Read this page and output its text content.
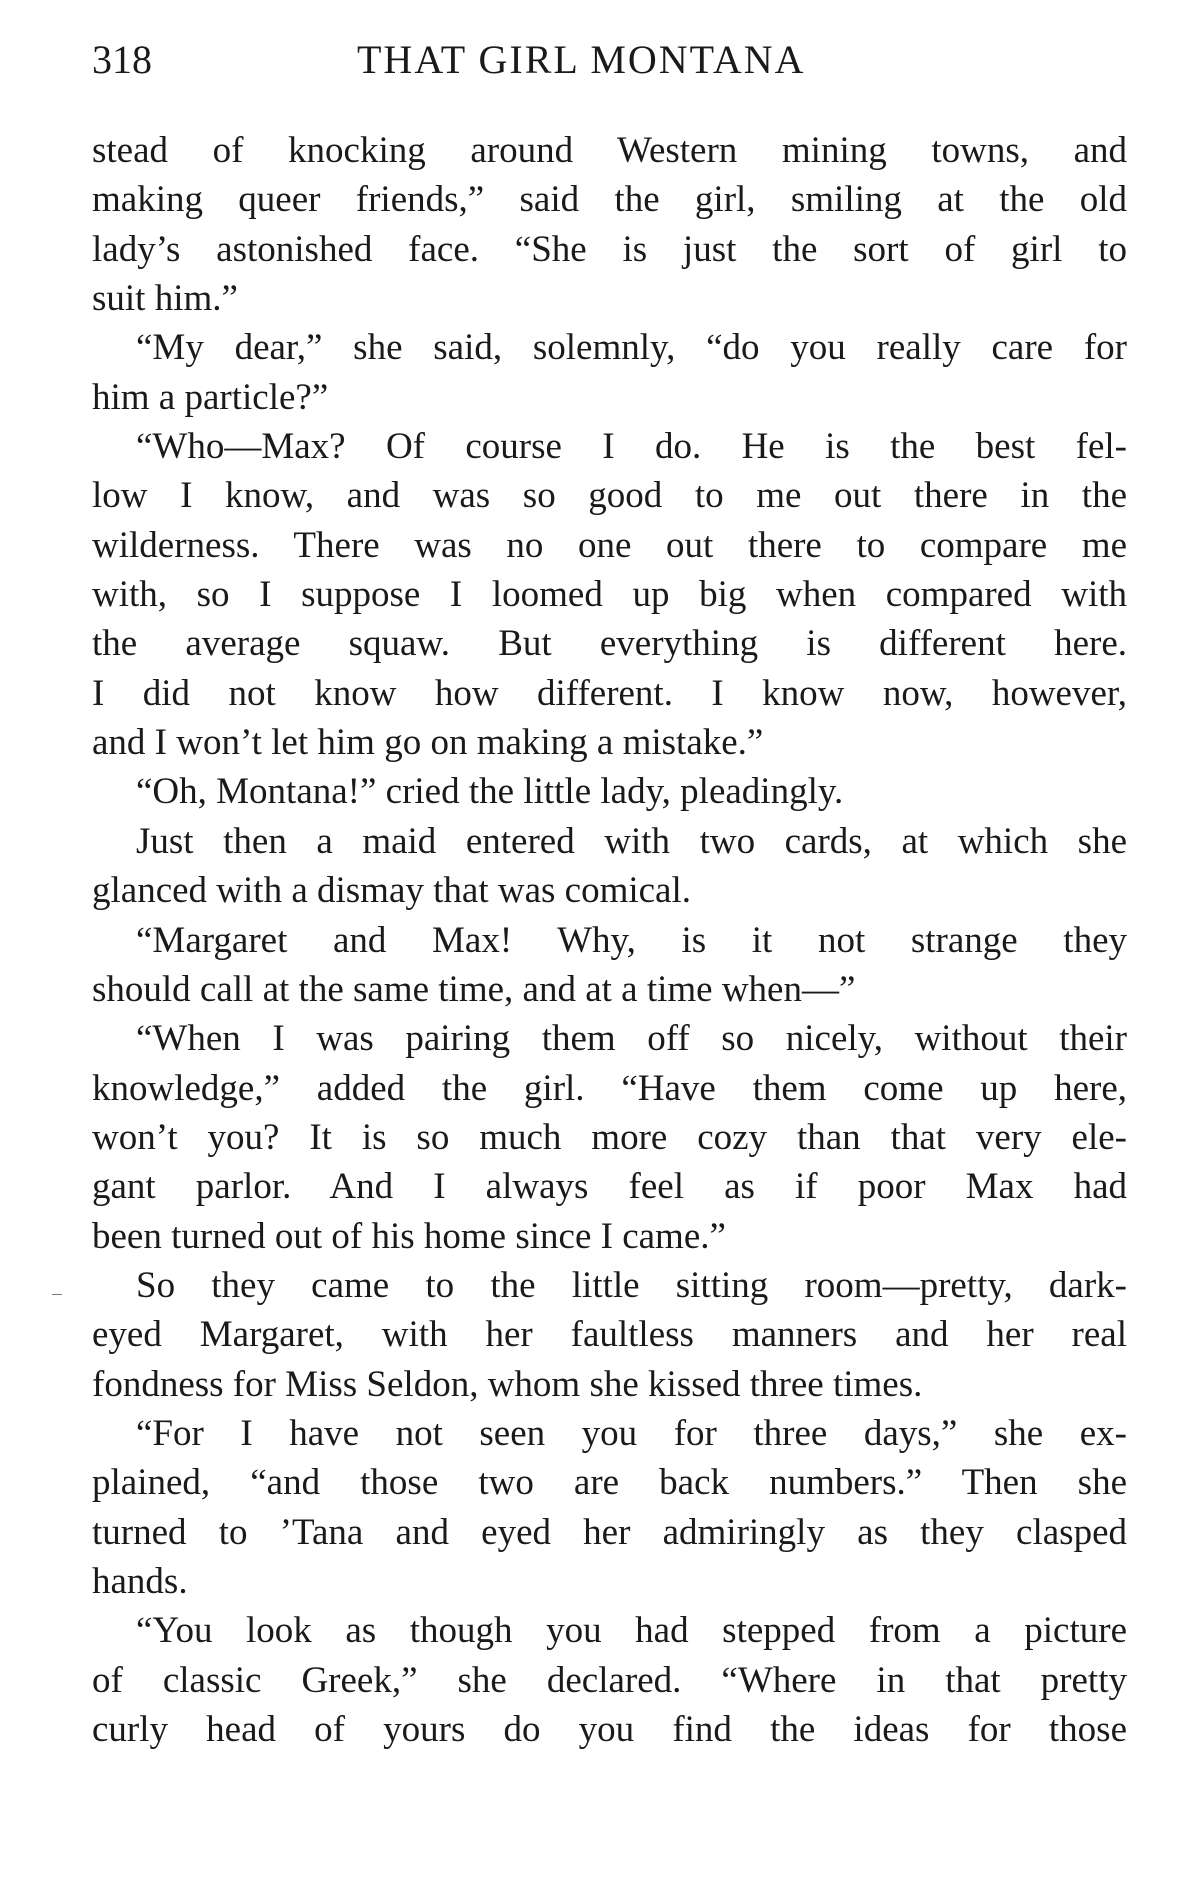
318	THAT GIRL MONTANA
stead of knocking around Western mining towns, and
making queer friends,” said the girl, smiling at the old
lady’s astonished face. “She is just the sort of girl to
suit him.”
“My dear,” she said, solemnly, “do you really care for
him a particle?”
“Who—Max? Of course I do. He is the best fel-
low I know, and was so good to me out there in the
wilderness. There was no one out there to compare me
with, so I suppose I loomed up big when compared with
the average squaw. But everything is different here.
I did not know how different. I know now, however,
and I won’t let him go on making a mistake.”
“Oh, Montana!” cried the little lady, pleadingly.
Just then a maid entered with two cards, at which she
glanced with a dismay that was comical.
“Margaret and Max! Why, is it not strange they
should call at the same time, and at a time when—”
“When I was pairing them off so nicely, without their
knowledge,” added the girl. “Have them come up here,
won’t you? It is so much more cozy than that very ele-
gant parlor. And I always feel as if poor Max had
been turned out of his home since I came.”
So they came to the little sitting room—pretty, dark-
eyed Margaret, with her faultless manners and her real
fondness for Miss Seldon, whom she kissed three times.
“For I have not seen you for three days,” she ex-
plained, “and those two are back numbers.” Then she
turned to ’Tana and eyed her admiringly as they clasped
hands.
“You look as though you had stepped from a picture
of classic Greek,” she declared. “Where in that pretty
curly head of yours do you find the ideas for those
